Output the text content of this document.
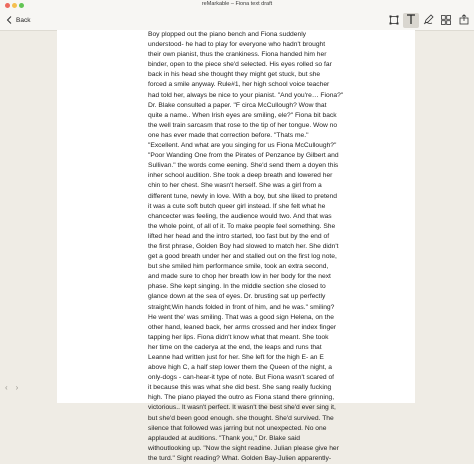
reMarkable – Fiona text draft
Back
Boy plopped out the piano bench and Fiona suddenly
understood- he had to play for everyone who hadn't brought
their own pianist, thus the crankiness. Fiona handed him her
binder, open to the piece she'd selected. His eyes rolled so far
back in his head she thought they might get stuck, but she
forced a smile anyway. Rule#1, her high school voice teacher
had told her, always be nice to your pianist. "And you're… Fiona?"
Dr. Blake consulted a paper. "F circa McCullough? Wow that
quite a name.. When Irish eyes are smiling, ele?" Fiona bit back
the well train sarcasm that rose to the tip of her tongue. Wow no
one has ever made that correction before. "Thats me."
"Excellent. And what are you singing for us Fiona McCullough?"
"Poor Wanding One from the Pirates of Penzance by Gilbert and
Sullivan." the words come eening. She'd send them a doyen this
inher school audition. She took a deep breath and lowered her
chin to her chest. She wasn't herself. She was a girl from a
different tune, newly in love. With a boy, but she liked to pretend
it was a cute soft butch queer girl instead. If she felt what he
chancecter was feeling, the audience would two. And that was
the whole point, of all of it. To make people feel something. She
lifted her head and the intro started, too fast but by the end of
the first phrase, Golden Boy had slowed to match her. She didn't
get a good breath under her and stalled out on the first log note,
but she smiled him performance smile, took an extra second,
and made sure to chop her breath low in her body for the next
phase. She kept singing. In the middle section she closed to
glance down at the sea of eyes. Dr. brusting sat up perfectly
straight;Win hands folded in front of him, and he was." smiling?
He went the' was smiling. That was a good sign Helena, on the
other hand, leaned back, her arms crossed and her index finger
tapping her lips. Fiona didn't know what that meant. She took
her time on the caderya at the end, the leaps and runs that
Leanne had written just for her. She left for the high E- an E
above high C, a half step lower them the Queen of the night, a
only-dogs - can-hear-it type of note. But Fiona wasn't scared of
it because this was what she did best. She sang really fucking
high. The piano played the outro as Fiona stand there grinning,
victorious.. It wasn't perfect. It wasn't the best she'd ever sing it,
but she'd been good enough. she thought. She'd survived. The
silence that followed was jarring but not unexpected. No one
applauded at auditions. "Thank you," Dr. Blake said
withoutlooking up. "Now the sight readine. Julian please give her
the turd." Sight reading? What. Golden Bay-Julien apparently-
‹ ›
